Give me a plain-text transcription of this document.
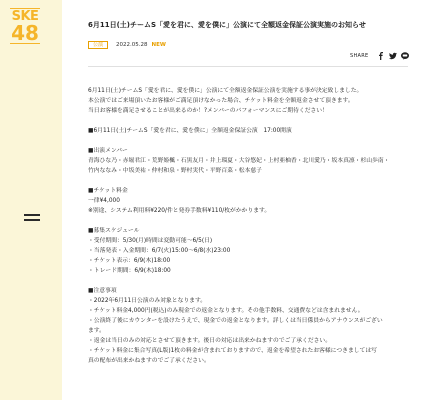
SKE
48	6月11日(土)チームS「愛を君に、愛を僕に」公演にて全額返金保証公演実施のお知らせ
公演	2022.05.28 NEW
SHARE

6月11日(土)チームS「愛を君に、愛を僕に」公演にて全額返金保証公演を実施する事が決定致しました。

本公演ではご来場頂いたお客様がご満足頂けなかった場合、チケット料金を全額返金させて頂きます。

当日お客様を満足させることが出来るのか！?メンバーのパフォーマンスにご期待ください！

■6月11日(土)チームS「愛を君に、愛を僕に」全額返金保証公演　17:00開演

■出演メンバー

青海ひな乃・赤堀君江・荒野姫楓・石黒友月・井上瑠夏・大谷悠妃・上村亜柚香・北川愛乃・坂本真凛・杉山歩南・

竹内ななみ・中坂美祐・仲村和泉・野村実代・平野百菜・松本慈子

■チケット料金

一律¥4,000

※別途、システム利用料¥220/件と発券手数料¥110/枚がかかります。

■募集スケジュール

・受付期間：5/30(月)時間は変動可能〜6/5(日)

・当落発表・入金期間：6/7(火)15:00〜6/8(水)23:00

・チケット表示：6/9(木)18:00

・トレード期間：6/9(木)18:00

■注意事項

・2022年6月11日公演のみ対象となります。

・チケット料金4,000円(税込)のみ現金での返金となります。その他手数料、交通費などは含まれません。

・公演終了後にカウンターを設けたうえで、現金での返金となります。詳しくは当日係員からアナウンスがござい

ます。

・返金は当日のみの対応とさせて頂きます。後日の対応は出来かねますのでご了承ください。

・チケット料金に集合写真(L版)1枚の料金が含まれておりますので、返金を希望されたお客様につきましては写

真の配布が出来かねますのでご了承ください。
